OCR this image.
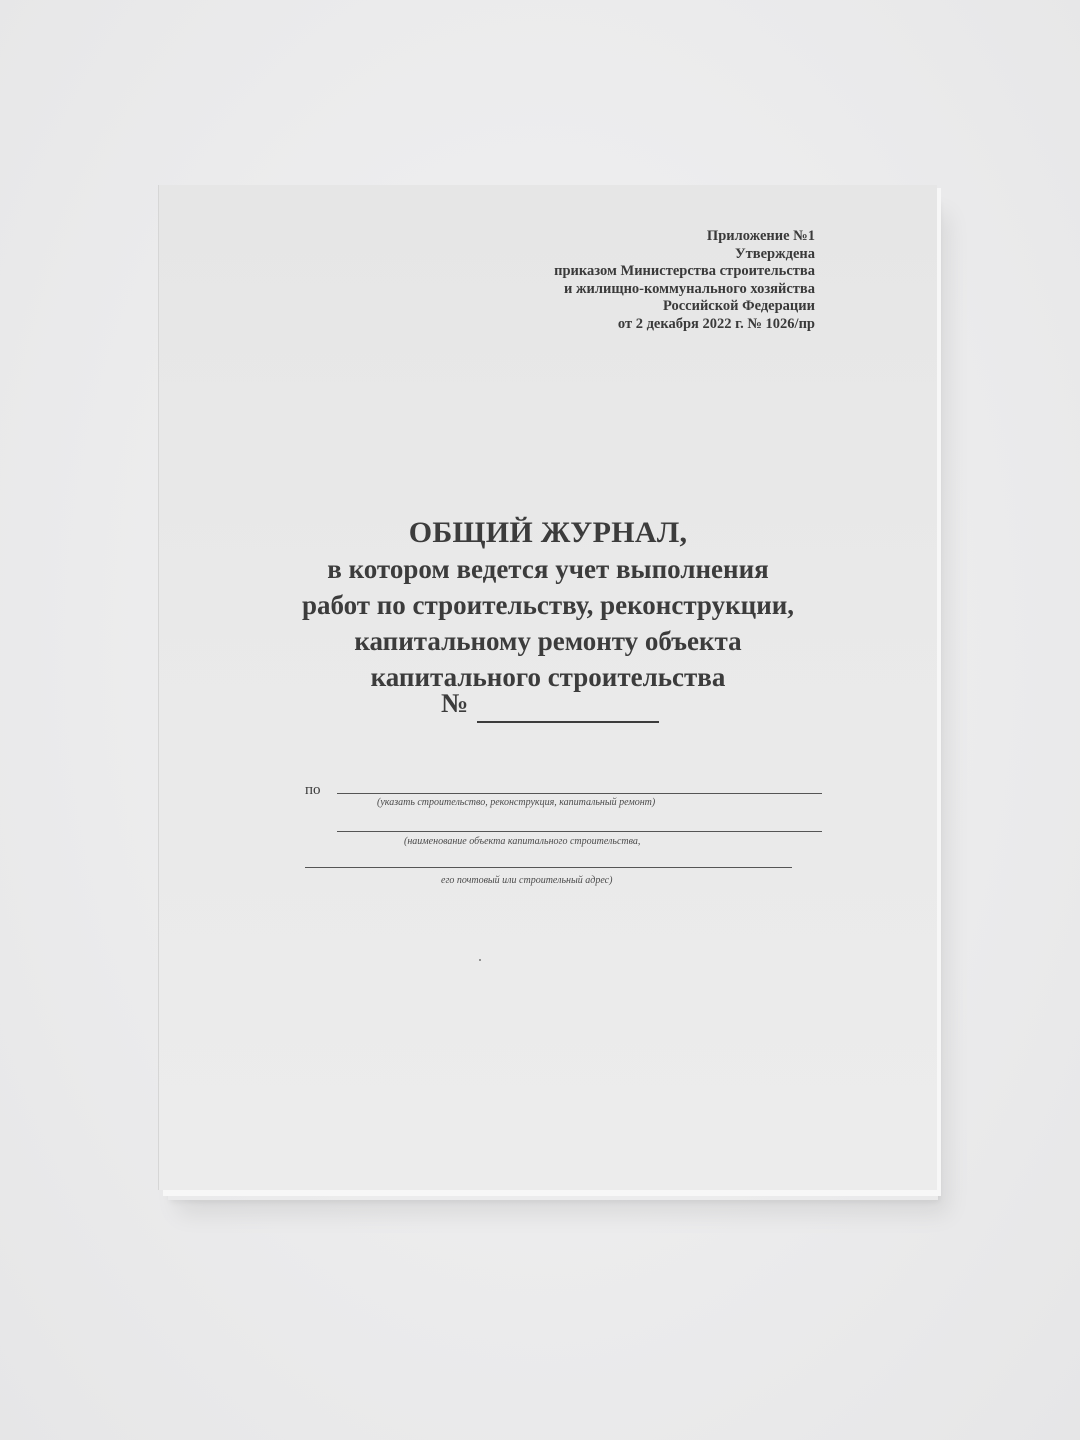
Приложение №1
Утверждена
приказом Министерства строительства
и жилищно-коммунального хозяйства
Российской Федерации
от 2 декабря 2022 г. № 1026/пр
ОБЩИЙ ЖУРНАЛ,
в котором ведется учет выполнения
работ по строительству, реконструкции,
капитальному ремонту объекта
капитального строительства
№
по
(указать строительство, реконструкция, капитальный ремонт)
(наименование объекта капитального строительства,
его почтовый или строительный адрес)
